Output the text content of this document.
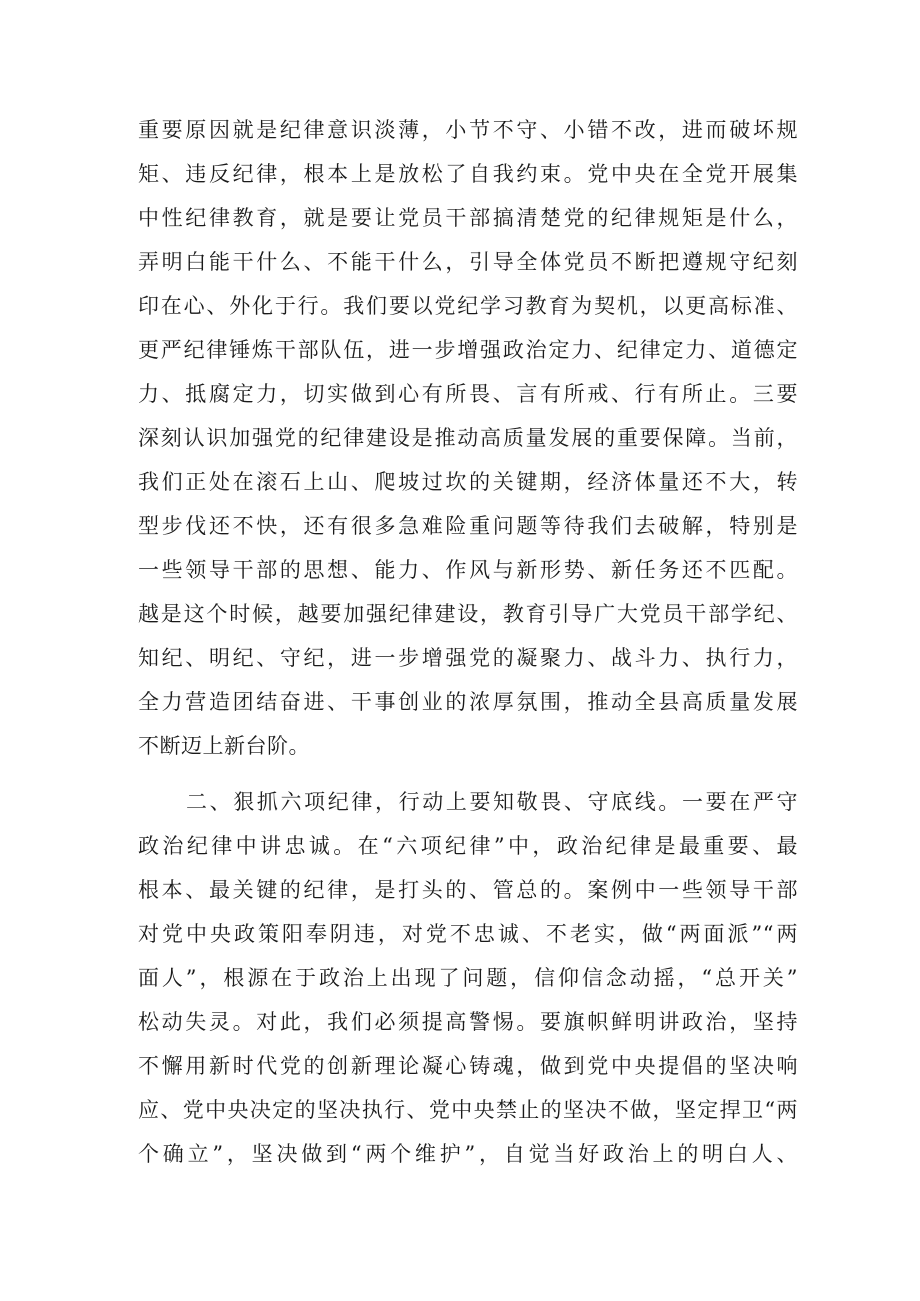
重要原因就是纪律意识淡薄，小节不守、小错不改，进而破坏规
矩、违反纪律，根本上是放松了自我约束。党中央在全党开展集
中性纪律教育，就是要让党员干部搞清楚党的纪律规矩是什么，
弄明白能干什么、不能干什么，引导全体党员不断把遵规守纪刻
印在心、外化于行。我们要以党纪学习教育为契机，以更高标准、
更严纪律锤炼干部队伍，进一步增强政治定力、纪律定力、道德定
力、抵腐定力，切实做到心有所畏、言有所戒、行有所止。三要
深刻认识加强党的纪律建设是推动高质量发展的重要保障。当前，
我们正处在滚石上山、爬坡过坎的关键期，经济体量还不大，转
型步伐还不快，还有很多急难险重问题等待我们去破解，特别是
一些领导干部的思想、能力、作风与新形势、新任务还不匹配。
越是这个时候，越要加强纪律建设，教育引导广大党员干部学纪、
知纪、明纪、守纪，进一步增强党的凝聚力、战斗力、执行力，
全力营造团结奋进、干事创业的浓厚氛围，推动全县高质量发展
不断迈上新台阶。
二、狠抓六项纪律，行动上要知敬畏、守底线。一要在严守
政治纪律中讲忠诚。在“六项纪律”中，政治纪律是最重要、最
根本、最关键的纪律，是打头的、管总的。案例中一些领导干部
对党中央政策阳奉阴违，对党不忠诚、不老实，做“两面派”“两
面人”，根源在于政治上出现了问题，信仰信念动摇，“总开关”
松动失灵。对此，我们必须提高警惕。要旗帜鲜明讲政治，坚持
不懈用新时代党的创新理论凝心铸魂，做到党中央提倡的坚决响
应、党中央决定的坚决执行、党中央禁止的坚决不做，坚定捍卫“两
个确立”，坚决做到“两个维护”，自觉当好政治上的明白人、
